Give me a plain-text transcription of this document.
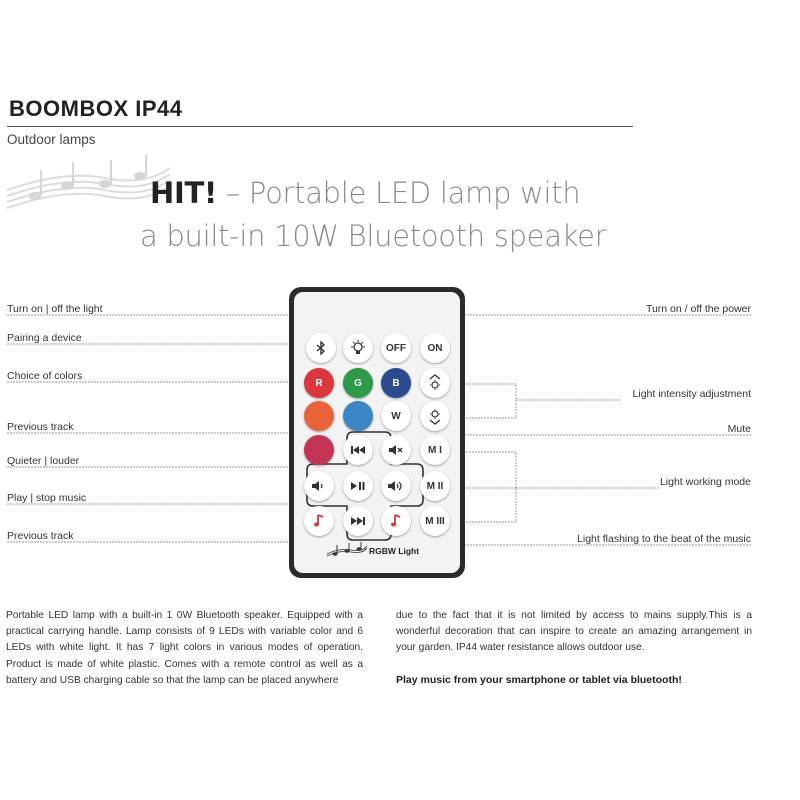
BOOMBOX IP44
Outdoor lamps
HIT! – Portable LED lamp with
a built-in 10W Bluetooth speaker
Turn on | off the light
Pairing a device
Choice of colors
Previous track
Quieter | louder
Play | stop music
Previous track
Turn on / off the power
Light intensity adjustment
Mute
Light working mode
Light flashing to the beat of the music
OFF	ON
R	G	B
W
M I
M II
M III
RGBW Light
Portable LED lamp with a built-in 1 0W Bluetooth speaker. Equipped with a practical carrying handle. Lamp consists of 9 LEDs with variable color and 6 LEDs with white light. It has 7 light colors in various modes of operation. Product is made of white plastic. Comes with a remote control as well as a battery and USB charging cable so that the lamp can be placed anywhere
due to the fact that it is not limited by access to mains supply.This is a wonderful decoration that can inspire to create an amazing arrangement in your garden. IP44 water resistance allows outdoor use.
Play music from your smartphone or tablet via bluetooth!
